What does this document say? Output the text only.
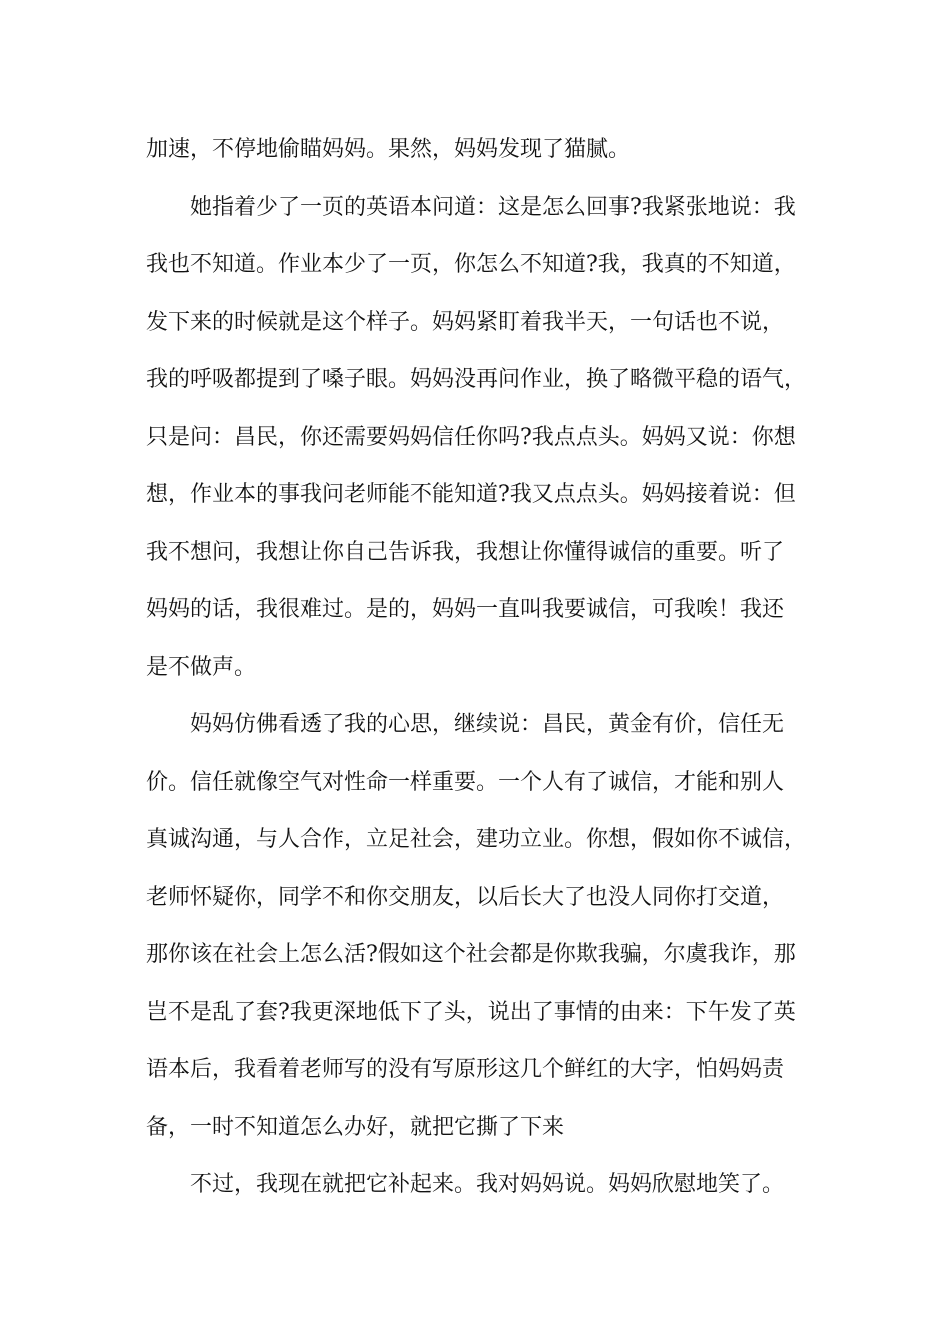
加速，不停地偷瞄妈妈。果然，妈妈发现了猫腻。
她指着少了一页的英语本问道：这是怎么回事?我紧张地说：我
我也不知道。作业本少了一页，你怎么不知道?我，我真的不知道，
发下来的时候就是这个样子。妈妈紧盯着我半天，一句话也不说，
我的呼吸都提到了嗓子眼。妈妈没再问作业，换了略微平稳的语气，
只是问：昌民，你还需要妈妈信任你吗?我点点头。妈妈又说：你想
想，作业本的事我问老师能不能知道?我又点点头。妈妈接着说：但
我不想问，我想让你自己告诉我，我想让你懂得诚信的重要。听了
妈妈的话，我很难过。是的，妈妈一直叫我要诚信，可我唉！我还
是不做声。
妈妈仿佛看透了我的心思，继续说：昌民，黄金有价，信任无
价。信任就像空气对性命一样重要。一个人有了诚信，才能和别人
真诚沟通，与人合作，立足社会，建功立业。你想，假如你不诚信，
老师怀疑你，同学不和你交朋友，以后长大了也没人同你打交道，
那你该在社会上怎么活?假如这个社会都是你欺我骗，尔虞我诈，那
岂不是乱了套?我更深地低下了头，说出了事情的由来：下午发了英
语本后，我看着老师写的没有写原形这几个鲜红的大字，怕妈妈责
备，一时不知道怎么办好，就把它撕了下来
不过，我现在就把它补起来。我对妈妈说。妈妈欣慰地笑了。
